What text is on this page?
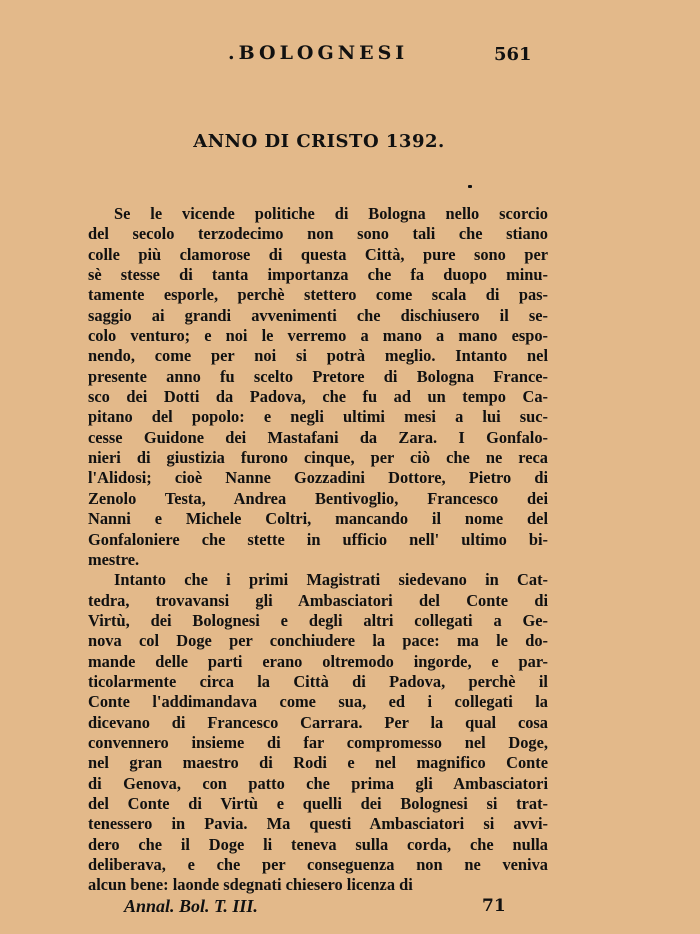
.BOLOGNESI	561
ANNO DI CRISTO 1392.
Se le vicende politiche di Bologna nello scorcio
del secolo terzodecimo non sono tali che stiano
colle più clamorose di questa Città, pure sono per
sè stesse di tanta importanza che fa duopo minu-
tamente esporle, perchè stettero come scala di pas-
saggio ai grandi avvenimenti che dischiusero il se-
colo venturo; e noi le verremo a mano a mano espo-
nendo, come per noi si potrà meglio. Intanto nel
presente anno fu scelto Pretore di Bologna France-
sco dei Dotti da Padova, che fu ad un tempo Ca-
pitano del popolo: e negli ultimi mesi a lui suc-
cesse Guidone dei Mastafani da Zara. I Gonfalo-
nieri di giustizia furono cinque, per ciò che ne reca
l'Alidosi; cioè Nanne Gozzadini Dottore, Pietro di
Zenolo Testa, Andrea Bentivoglio, Francesco dei
Nanni e Michele Coltri, mancando il nome del
Gonfaloniere che stette in ufficio nell' ultimo bi-
mestre.
Intanto che i primi Magistrati siedevano in Cat-
tedra, trovavansi gli Ambasciatori del Conte di
Virtù, dei Bolognesi e degli altri collegati a Ge-
nova col Doge per conchiudere la pace: ma le do-
mande delle parti erano oltremodo ingorde, e par-
ticolarmente circa la Città di Padova, perchè il
Conte l'addimandava come sua, ed i collegati la
dicevano di Francesco Carrara. Per la qual cosa
convennero insieme di far compromesso nel Doge,
nel gran maestro di Rodi e nel magnifico Conte
di Genova, con patto che prima gli Ambasciatori
del Conte di Virtù e quelli dei Bolognesi si trat-
tenessero in Pavia. Ma questi Ambasciatori si avvi-
dero che il Doge li teneva sulla corda, che nulla
deliberava, e che per conseguenza non ne veniva
alcun bene: laonde sdegnati chiesero licenza di
Annal. Bol. T. III.	71
